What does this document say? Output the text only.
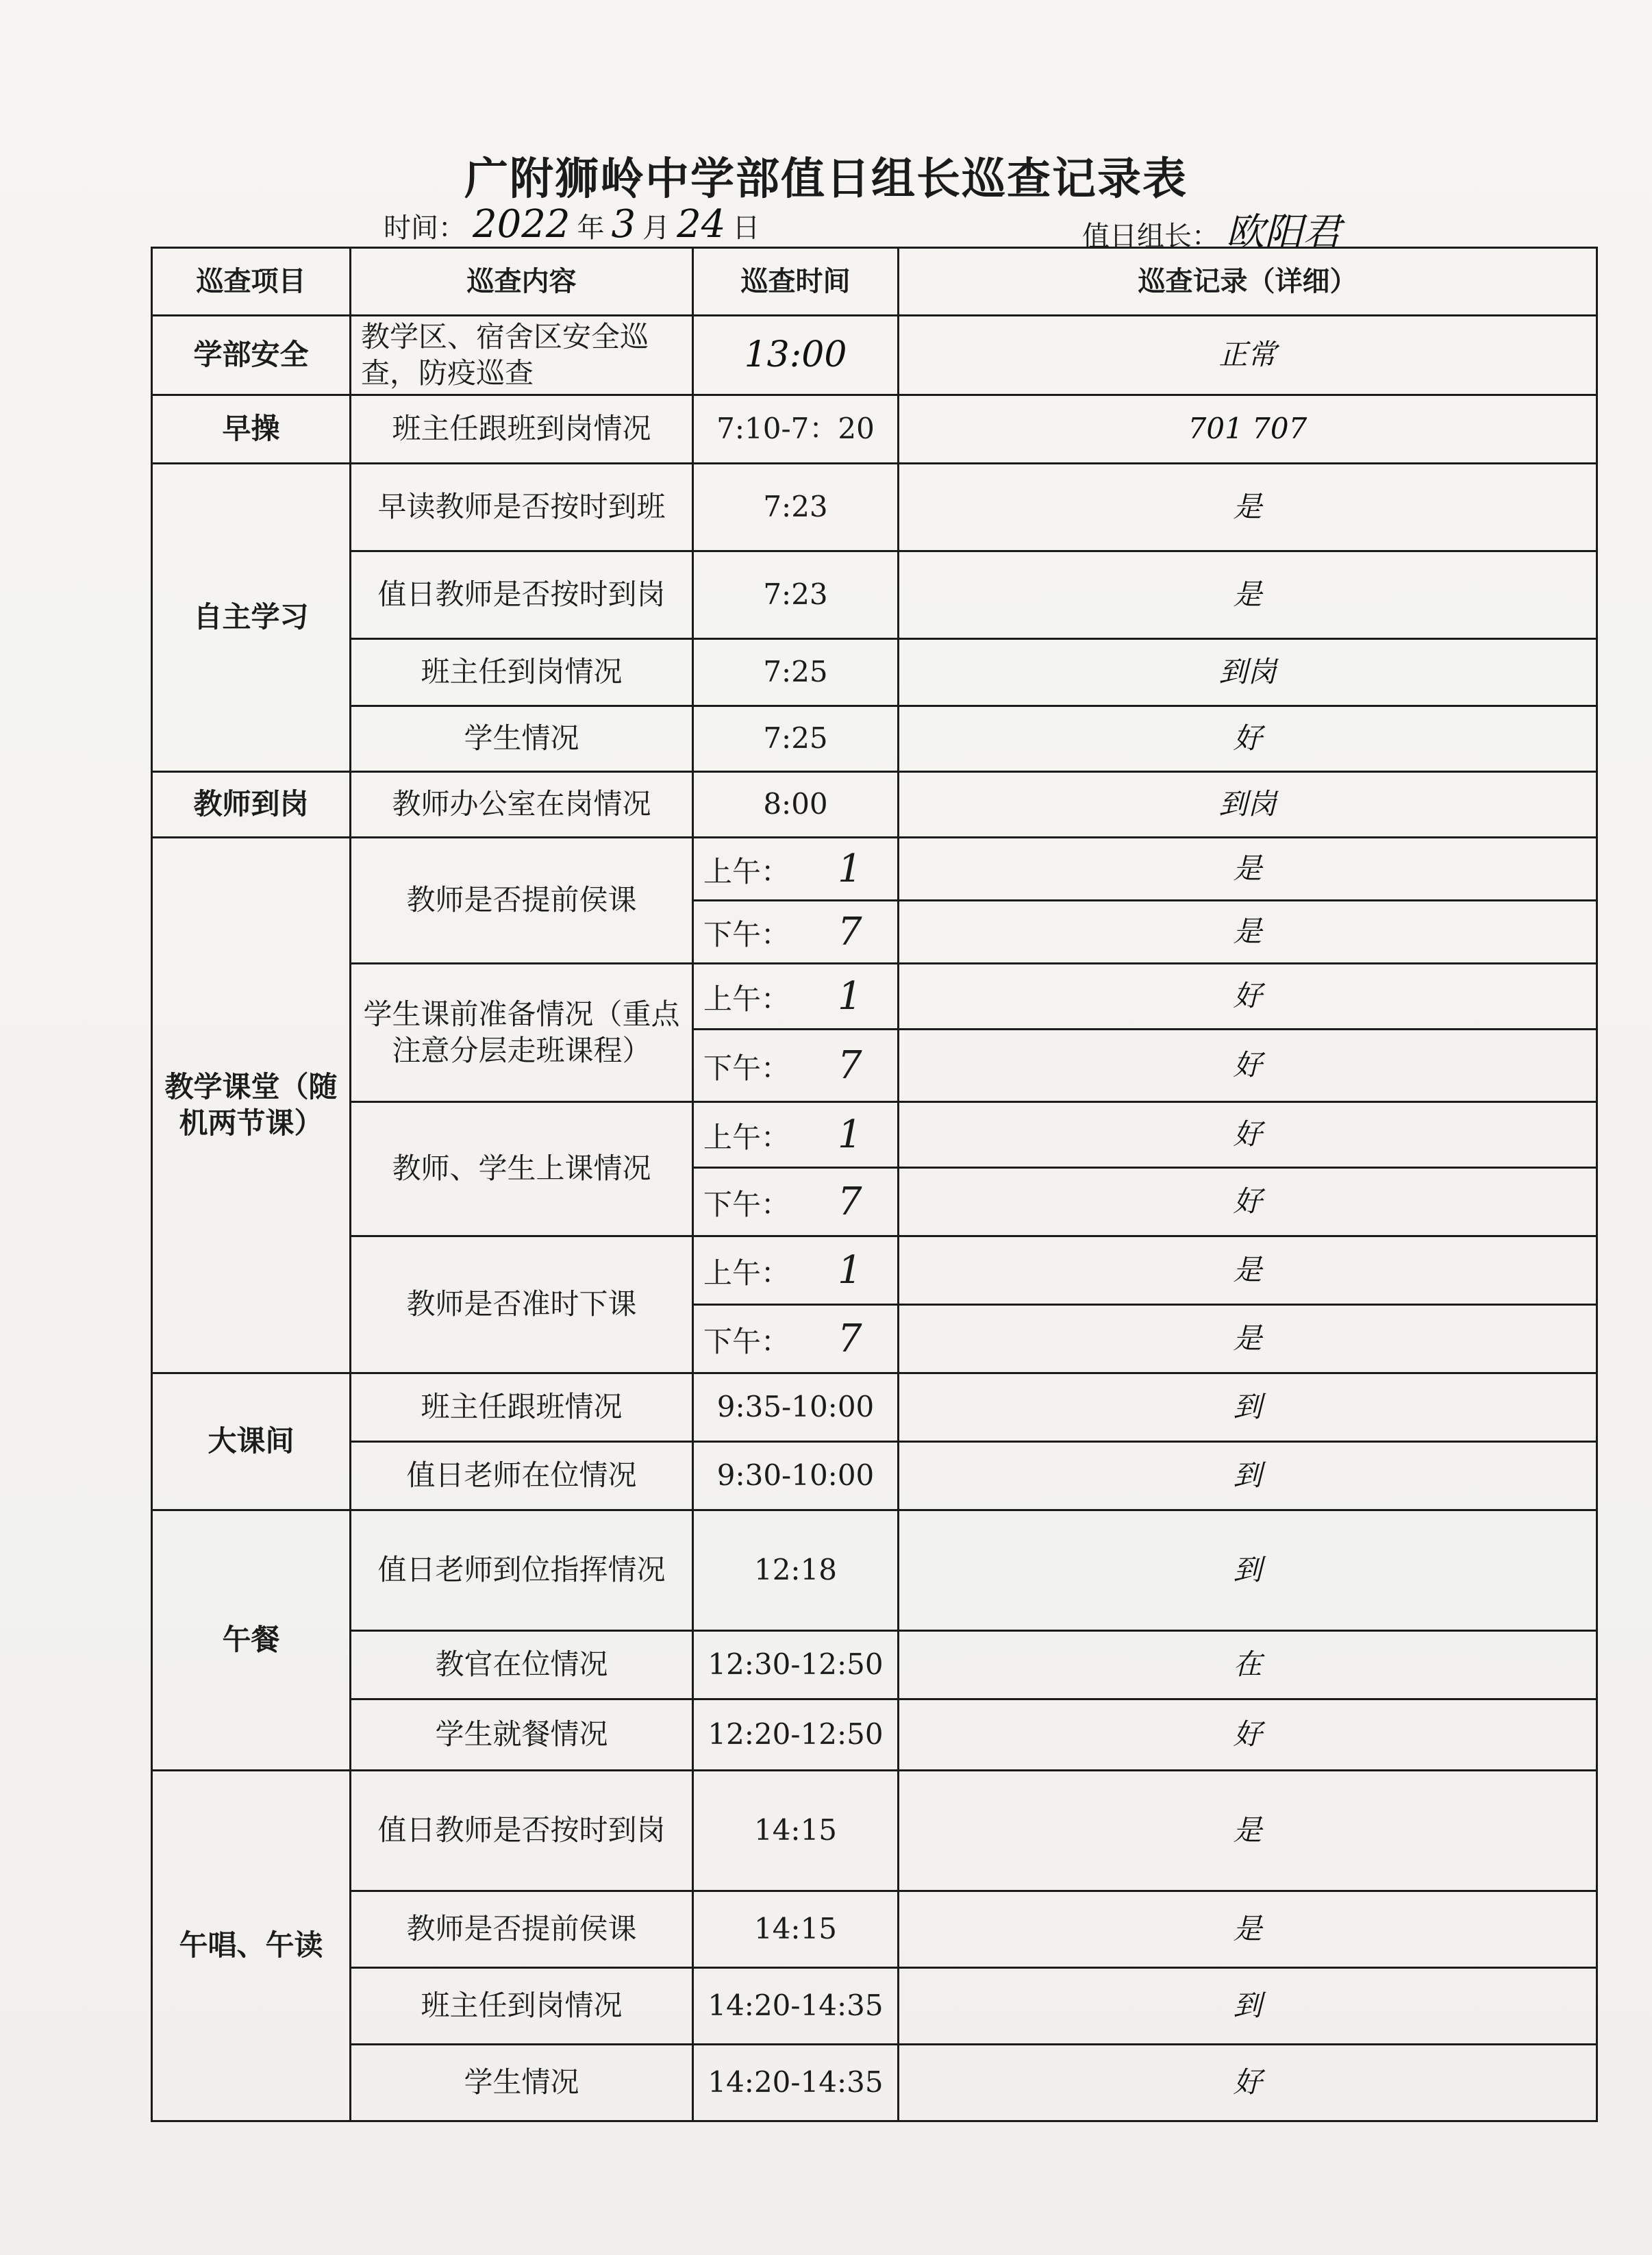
广附狮岭中学部值日组长巡查记录表
时间： 2022 年 3 月 24 日	值日组长： 欧阳君
巡查项目	巡查内容	巡查时间	巡查记录（详细）
学部安全	教学区、宿舍区安全巡查，防疫巡查	13:00	正常
早操	班主任跟班到岗情况	7:10-7：20	701 707
自主学习	早读教师是否按时到班	7:23	是
	值日教师是否按时到岗	7:23	是
	班主任到岗情况	7:25	到岗
	学生情况	7:25	好
教师到岗	教师办公室在岗情况	8:00	到岗
教学课堂（随机两节课）	教师是否提前侯课	上午： 1	是
		下午： 7	是
	学生课前准备情况（重点注意分层走班课程）	上午： 1	好
		下午： 7	好
	教师、学生上课情况	上午： 1	好
		下午： 7	好
	教师是否准时下课	上午： 1	是
		下午： 7	是
大课间	班主任跟班情况	9:35-10:00	到
	值日老师在位情况	9:30-10:00	到
午餐	值日老师到位指挥情况	12:18	到
	教官在位情况	12:30-12:50	在
	学生就餐情况	12:20-12:50	好
午唱、午读	值日教师是否按时到岗	14:15	是
	教师是否提前侯课	14:15	是
	班主任到岗情况	14:20-14:35	到
	学生情况	14:20-14:35	好
